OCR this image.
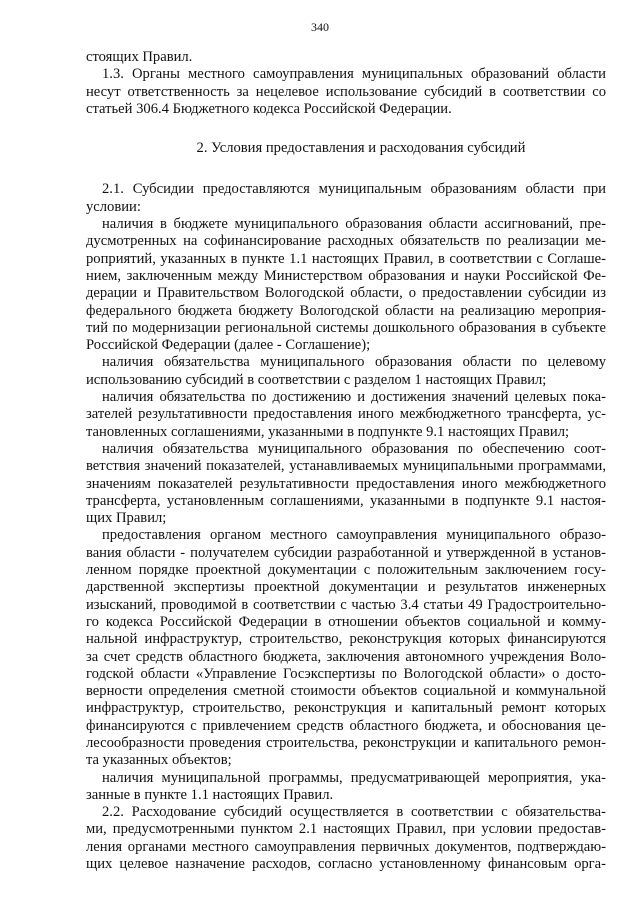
340
стоящих Правил.
1.3. Органы местного самоуправления муниципальных образований области
несут ответственность за нецелевое использование субсидий в соответствии со
статьей 306.4 Бюджетного кодекса Российской Федерации.
2. Условия предоставления и расходования субсидий
2.1. Субсидии предоставляются муниципальным образованиям области при
условии:
наличия в бюджете муниципального образования области ассигнований, пре-
дусмотренных на софинансирование расходных обязательств по реализации ме-
роприятий, указанных в пункте 1.1 настоящих Правил, в соответствии с Соглаше-
нием, заключенным между Министерством образования и науки Российской Фе-
дерации и Правительством Вологодской области, о предоставлении субсидии из
федерального бюджета бюджету Вологодской области на реализацию мероприя-
тий по модернизации региональной системы дошкольного образования в субъекте
Российской Федерации (далее - Соглашение);
наличия обязательства муниципального образования области по целевому
использованию субсидий в соответствии с разделом 1 настоящих Правил;
наличия обязательства по достижению и достижения значений целевых пока-
зателей результативности предоставления иного межбюджетного трансферта, ус-
тановленных соглашениями, указанными в подпункте 9.1 настоящих Правил;
наличия обязательства муниципального образования по обеспечению соот-
ветствия значений показателей, устанавливаемых муниципальными программами,
значениям показателей результативности предоставления иного межбюджетного
трансферта, установленным соглашениями, указанными в подпункте 9.1 настоя-
щих Правил;
предоставления органом местного самоуправления муниципального образо-
вания области - получателем субсидии разработанной и утвержденной в установ-
ленном порядке проектной документации с положительным заключением госу-
дарственной экспертизы проектной документации и результатов инженерных
изысканий, проводимой в соответствии с частью 3.4 статьи 49 Градостроительно-
го кодекса Российской Федерации в отношении объектов социальной и комму-
нальной инфраструктур, строительство, реконструкция которых финансируются
за счет средств областного бюджета, заключения автономного учреждения Воло-
годской области «Управление Госэкспертизы по Вологодской области» о досто-
верности определения сметной стоимости объектов социальной и коммунальной
инфраструктур, строительство, реконструкция и капитальный ремонт которых
финансируются с привлечением средств областного бюджета, и обоснования це-
лесообразности проведения строительства, реконструкции и капитального ремон-
та указанных объектов;
наличия муниципальной программы, предусматривающей мероприятия, ука-
занные в пункте 1.1 настоящих Правил.
2.2. Расходование субсидий осуществляется в соответствии с обязательства-
ми, предусмотренными пунктом 2.1 настоящих Правил, при условии предостав-
ления органами местного самоуправления первичных документов, подтверждаю-
щих целевое назначение расходов, согласно установленному финансовым орга-
